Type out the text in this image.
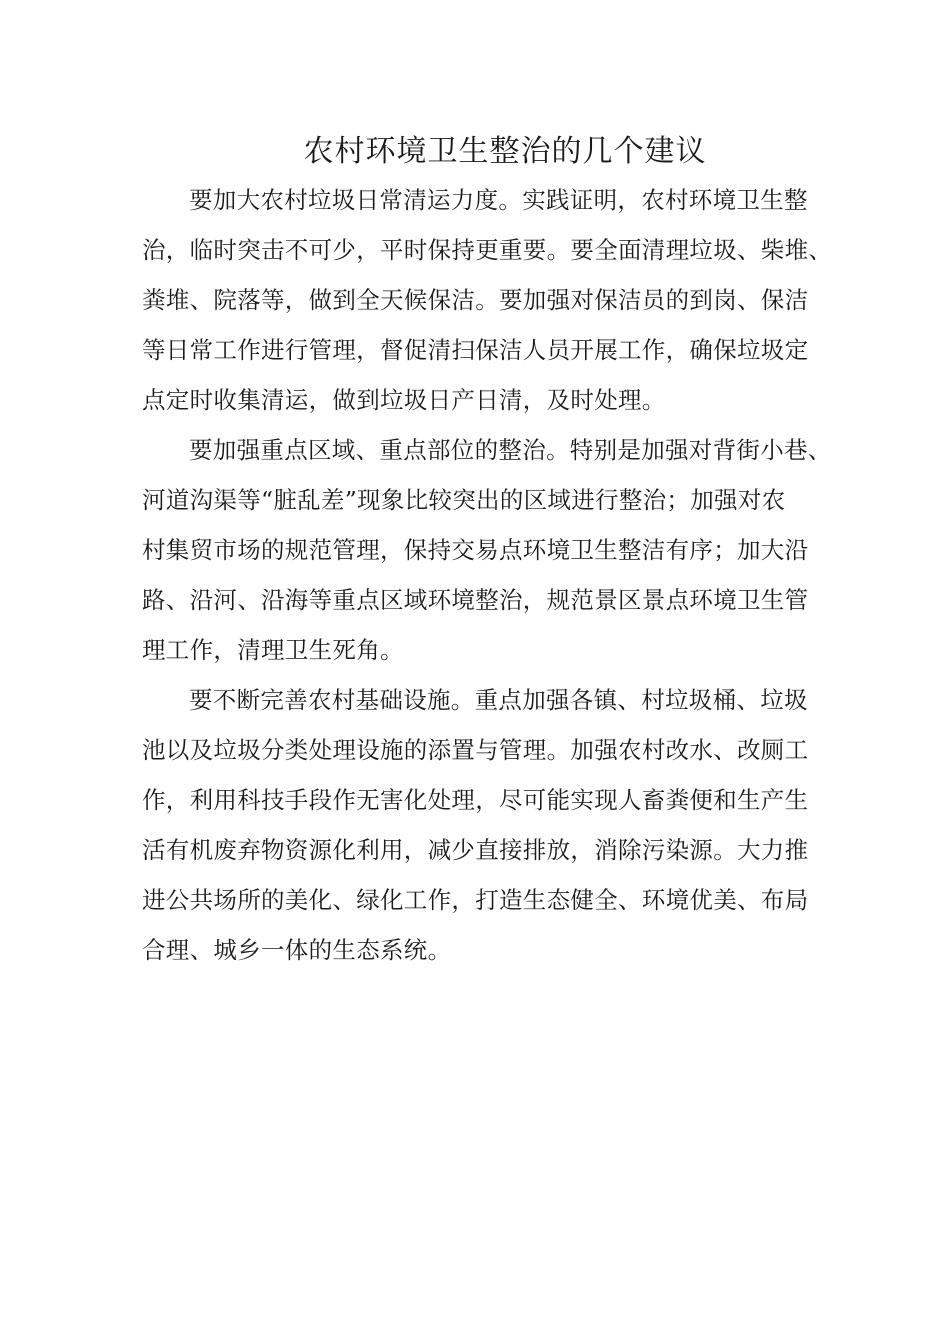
农村环境卫生整治的几个建议

要加大农村垃圾日常清运力度。实践证明，农村环境卫生整
治，临时突击不可少，平时保持更重要。要全面清理垃圾、柴堆、
粪堆、院落等，做到全天候保洁。要加强对保洁员的到岗、保洁
等日常工作进行管理，督促清扫保洁人员开展工作，确保垃圾定
点定时收集清运，做到垃圾日产日清，及时处理。

要加强重点区域、重点部位的整治。特别是加强对背街小巷、
河道沟渠等“脏乱差”现象比较突出的区域进行整治；加强对农
村集贸市场的规范管理，保持交易点环境卫生整洁有序；加大沿
路、沿河、沿海等重点区域环境整治，规范景区景点环境卫生管
理工作，清理卫生死角。

要不断完善农村基础设施。重点加强各镇、村垃圾桶、垃圾
池以及垃圾分类处理设施的添置与管理。加强农村改水、改厕工
作，利用科技手段作无害化处理，尽可能实现人畜粪便和生产生
活有机废弃物资源化利用，减少直接排放，消除污染源。大力推
进公共场所的美化、绿化工作，打造生态健全、环境优美、布局
合理、城乡一体的生态系统。
